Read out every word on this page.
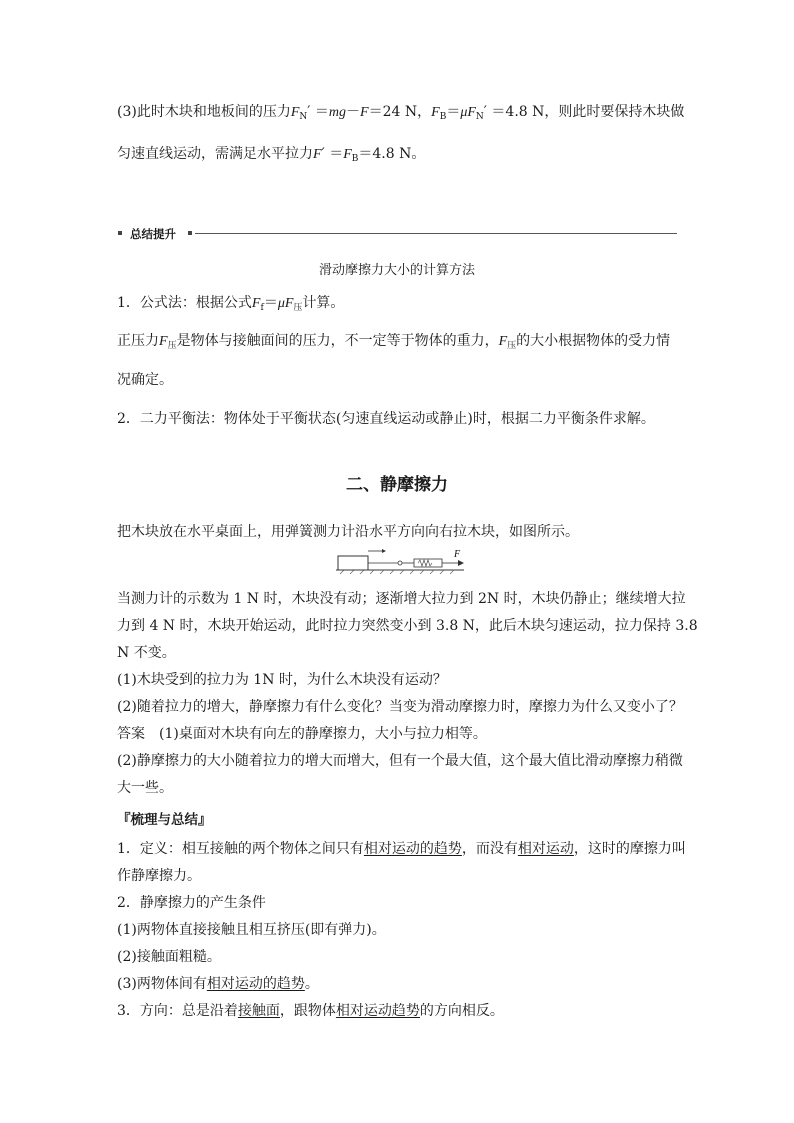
(3)此时木块和地板间的压力$F_N' =mg-F=24$ N，$F_B=\mu F_N' =4.8$ N，则此时要保持木块做
匀速直线运动，需满足水平拉力$F' =F_B=4.8$ N。
总结提升
滑动摩擦力大小的计算方法
1．公式法：根据公式$F_f=\mu F_压$计算。
正压力$F_压$是物体与接触面间的压力，不一定等于物体的重力，$F_压$的大小根据物体的受力情
况确定。
2．二力平衡法：物体处于平衡状态(匀速直线运动或静止)时，根据二力平衡条件求解。
二、静摩擦力
把木块放在水平桌面上，用弹簧测力计沿水平方向向右拉木块，如图所示。
F
当测力计的示数为 1 N 时，木块没有动；逐渐增大拉力到 2N 时，木块仍静止；继续增大拉
力到 4 N 时，木块开始运动，此时拉力突然变小到 3.8 N，此后木块匀速运动，拉力保持 3.8
N 不变。
(1)木块受到的拉力为 1N 时，为什么木块没有运动？
(2)随着拉力的增大，静摩擦力有什么变化？当变为滑动摩擦力时，摩擦力为什么又变小了？
答案 (1)桌面对木块有向左的静摩擦力，大小与拉力相等。
(2)静摩擦力的大小随着拉力的增大而增大，但有一个最大值，这个最大值比滑动摩擦力稍微
大一些。
『梳理与总结』
1．定义：相互接触的两个物体之间只有相对运动的趋势，而没有相对运动，这时的摩擦力叫
作静摩擦力。
2．静摩擦力的产生条件
(1)两物体直接接触且相互挤压(即有弹力)。
(2)接触面粗糙。
(3)两物体间有相对运动的趋势。
3．方向：总是沿着接触面，跟物体相对运动趋势的方向相反。
